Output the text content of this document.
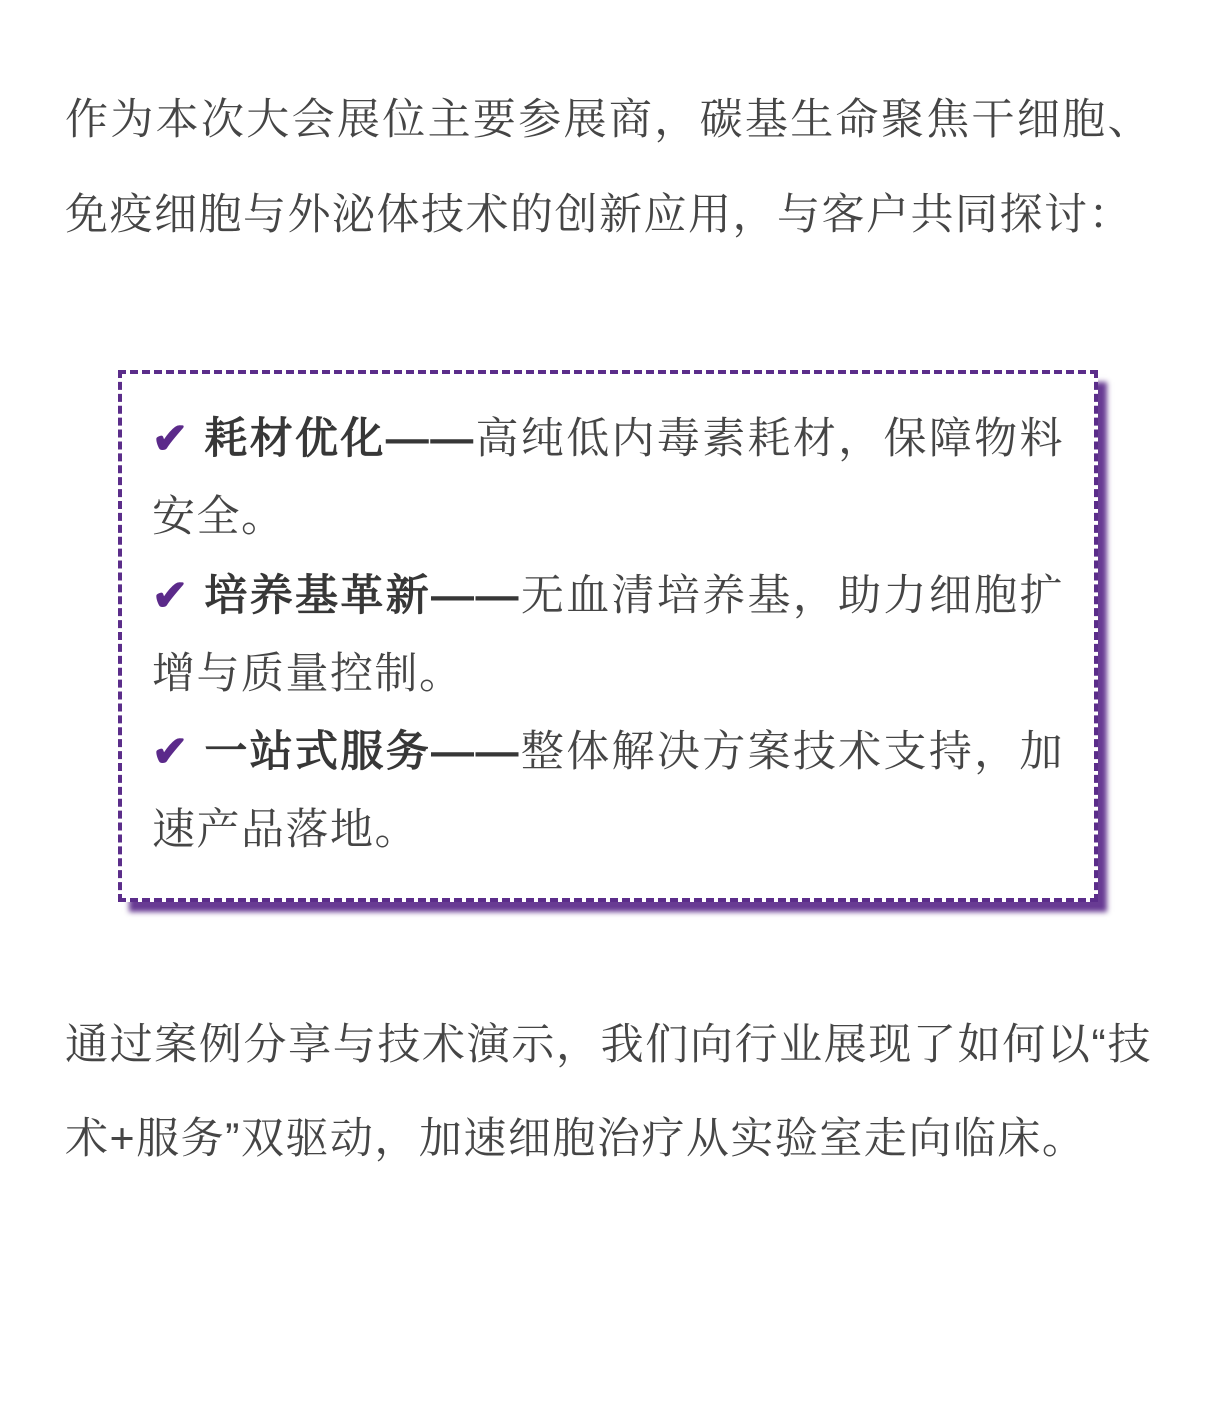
作为本次大会展位主要参展商，碳基生命聚焦干细胞、免疫细胞与外泌体技术的创新应用，与客户共同探讨：

✔ 耗材优化——高纯低内毒素耗材，保障物料安全。

✔ 培养基革新——无血清培养基，助力细胞扩增与质量控制。

✔ 一站式服务——整体解决方案技术支持，加速产品落地。

通过案例分享与技术演示，我们向行业展现了如何以“技术+服务”双驱动，加速细胞治疗从实验室走向临床。
